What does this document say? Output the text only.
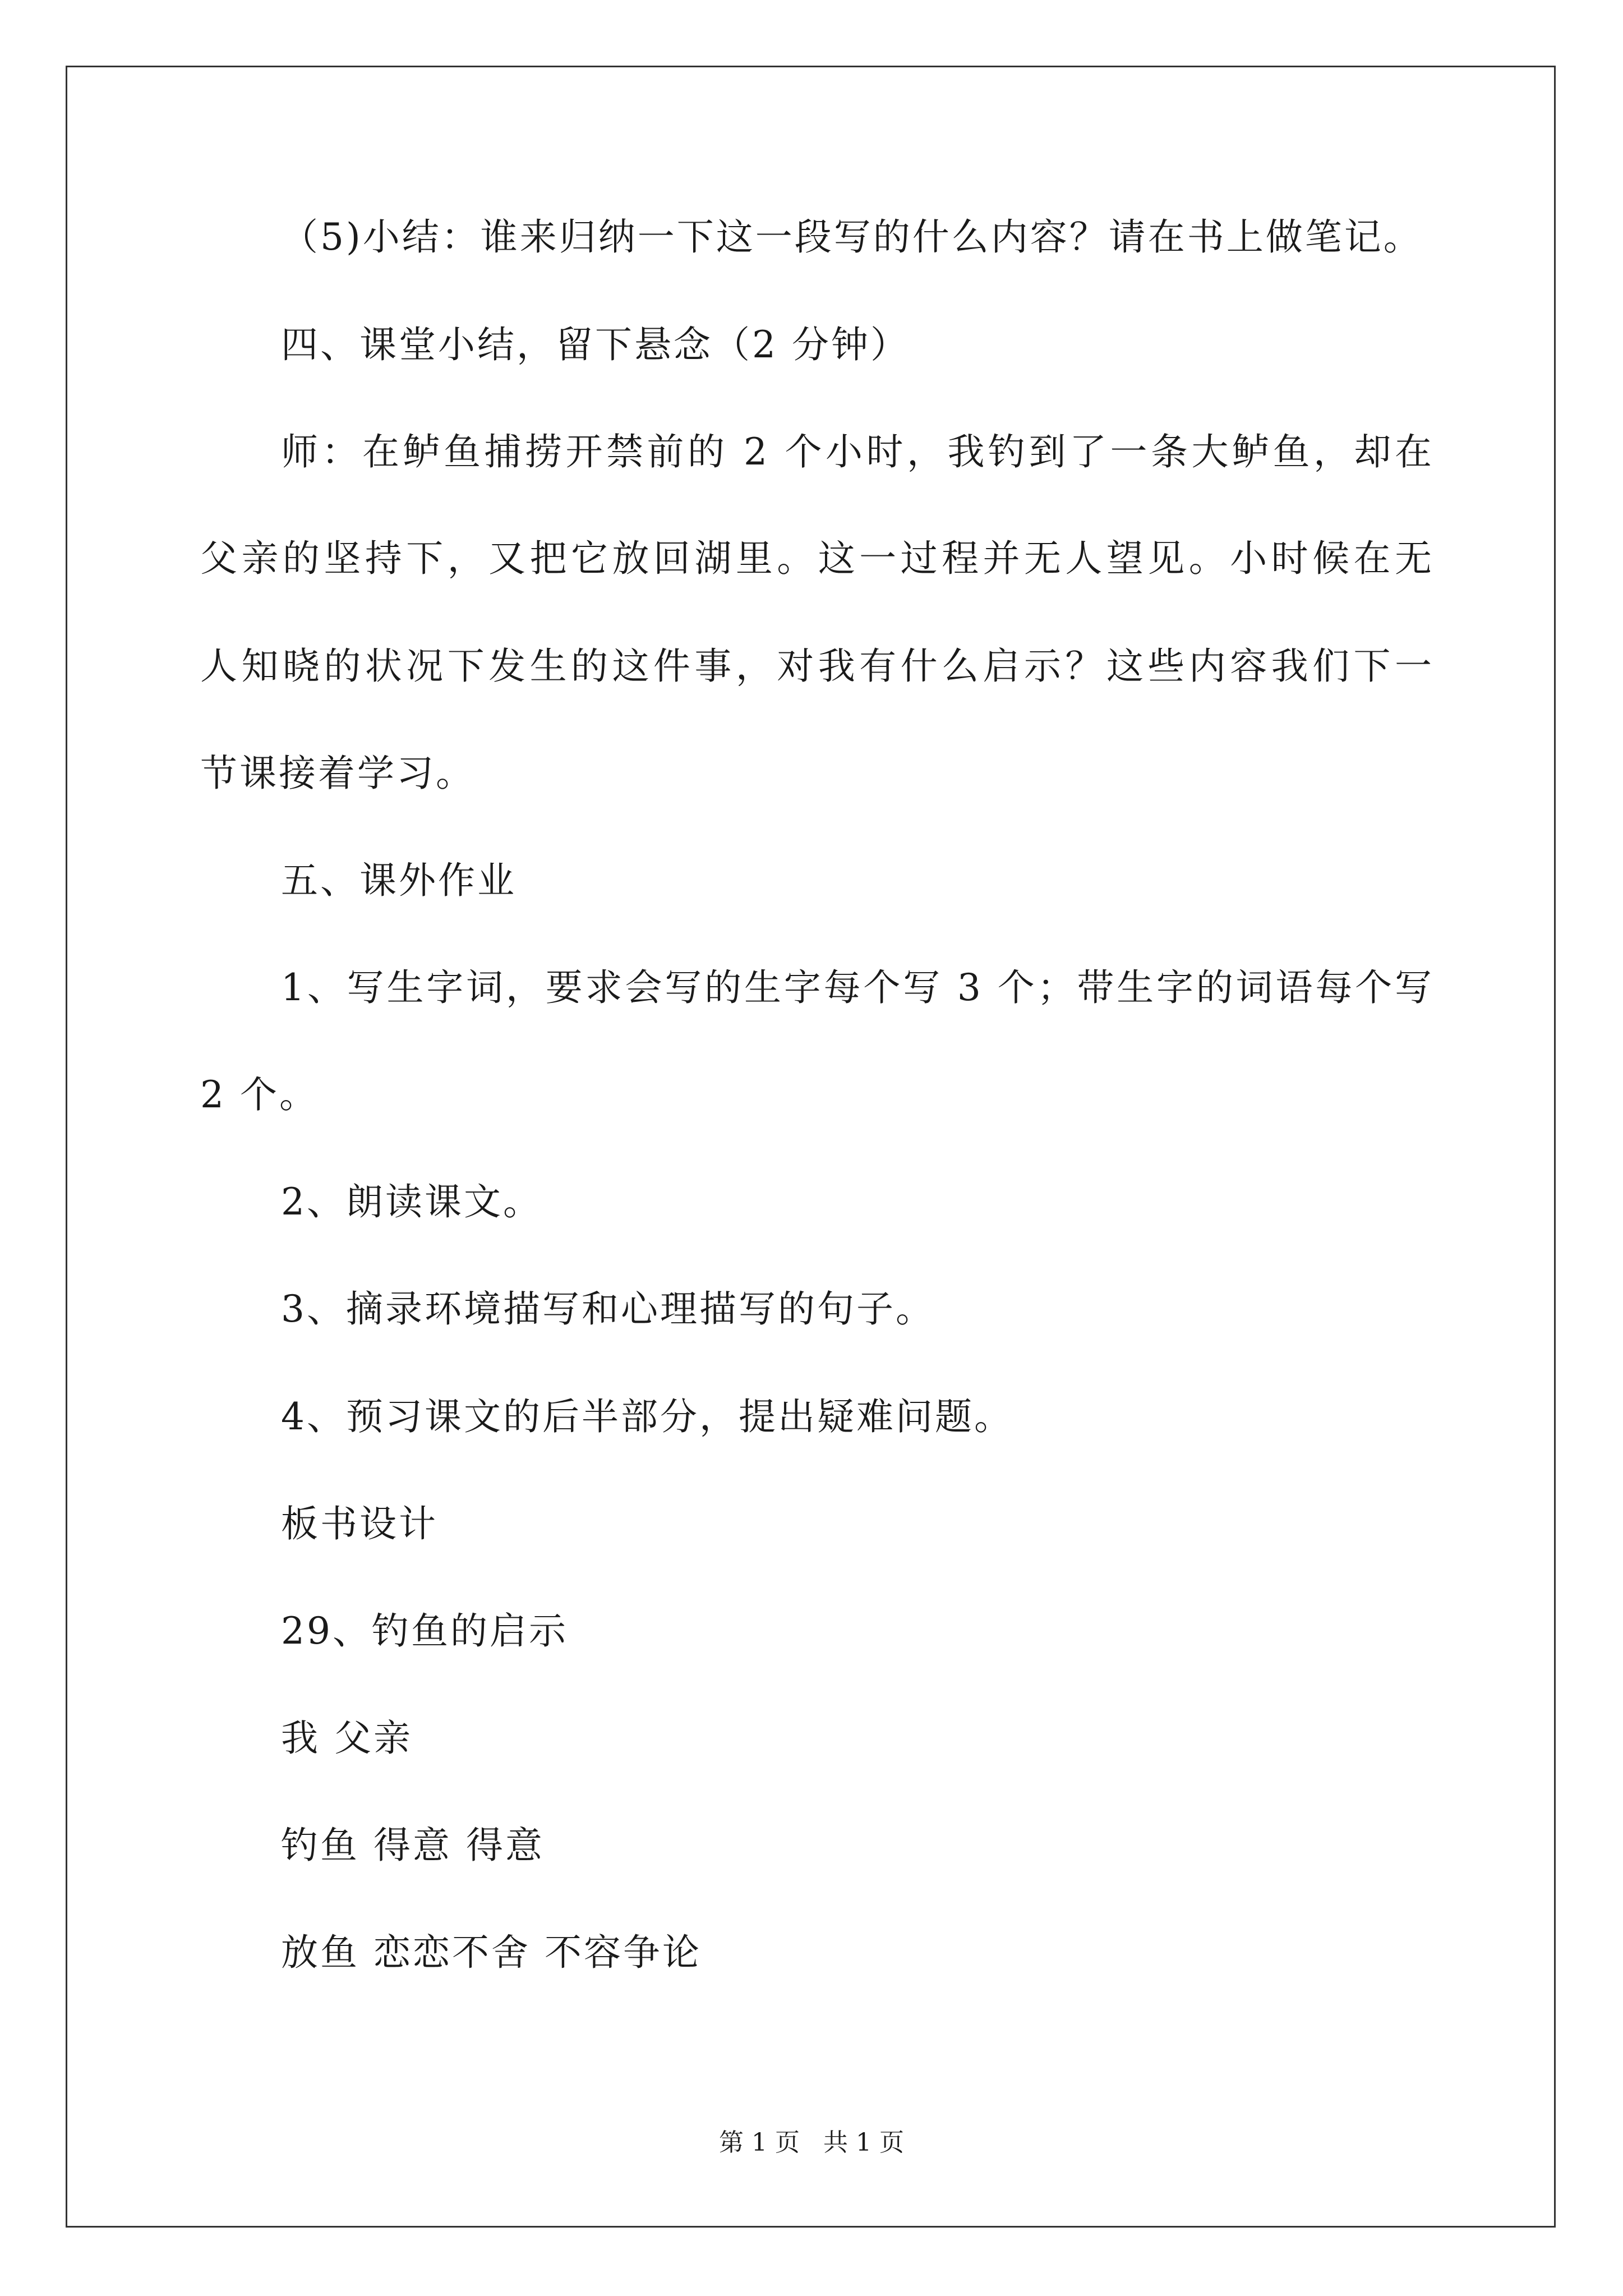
（5)小结：谁来归纳一下这一段写的什么内容？请在书上做笔记。
四、课堂小结，留下悬念（2 分钟）
师：在鲈鱼捕捞开禁前的 2 个小时，我钓到了一条大鲈鱼，却在
父亲的坚持下，又把它放回湖里。这一过程并无人望见。小时候在无
人知晓的状况下发生的这件事，对我有什么启示？这些内容我们下一
节课接着学习。
五、课外作业
1、写生字词，要求会写的生字每个写 3 个；带生字的词语每个写
2 个。
2、朗读课文。
3、摘录环境描写和心理描写的句子。
4、预习课文的后半部分，提出疑难问题。
板书设计
29、钓鱼的启示
我 父亲
钓鱼 得意 得意
放鱼 恋恋不舍 不容争论
第 1 页 共 1 页
